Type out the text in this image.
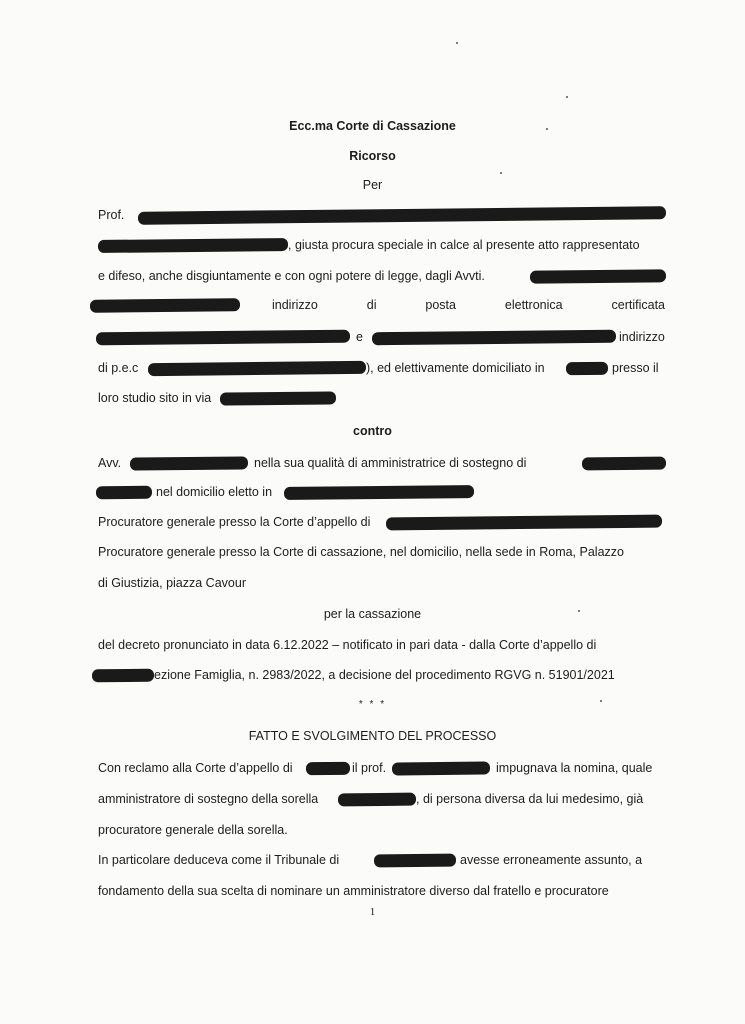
Ecc.ma Corte di Cassazione
Ricorso
Per
Prof.
, giusta procura speciale in calce al presente atto rappresentato
e difeso, anche disgiuntamente e con ogni potere di legge, dagli Avvti.
indirizzo	di	posta	elettronica	certificata
e	indirizzo
di p.e.c	), ed elettivamente domiciliato in	presso il
loro studio sito in via
contro
Avv.	nella sua qualità di amministratrice di sostegno di
nel domicilio eletto in
Procuratore generale presso la Corte d’appello di
Procuratore generale presso la Corte di cassazione, nel domicilio, nella sede in Roma, Palazzo
di Giustizia, piazza Cavour
per la cassazione
del decreto pronunciato in data 6.12.2022 – notificato in pari data - dalla Corte d’appello di
ezione Famiglia, n. 2983/2022, a decisione del procedimento RGVG n. 51901/2021
* * *
FATTO E SVOLGIMENTO DEL PROCESSO
Con reclamo alla Corte d’appello di	il prof.	impugnava la nomina, quale
amministratore di sostegno della sorella	, di persona diversa da lui medesimo, già
procuratore generale della sorella.
In particolare deduceva come il Tribunale di	avesse erroneamente assunto, a
fondamento della sua scelta di nominare un amministratore diverso dal fratello e procuratore
1
